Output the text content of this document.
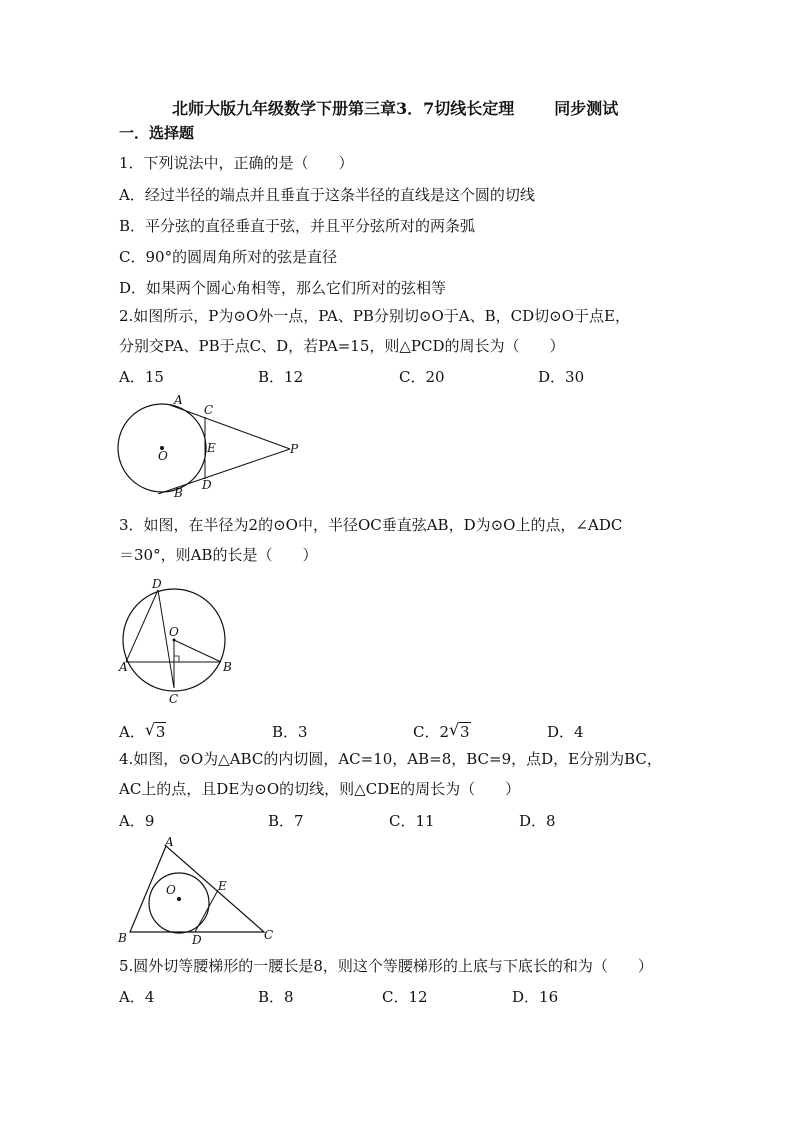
北师大版九年级数学下册第三章3．7切线长定理	同步测试
一．选择题
1．下列说法中，正确的是（　　）
A．经过半径的端点并且垂直于这条半径的直线是这个圆的切线
B．平分弦的直径垂直于弦，并且平分弦所对的两条弧
C．90°的圆周角所对的弦是直径
D．如果两个圆心角相等，那么它们所对的弦相等
2.如图所示，P为⊙O外一点，PA、PB分别切⊙O于A、B，CD切⊙O于点E，
分别交PA、PB于点C、D，若PA=15，则△PCD的周长为（　　）
A．15	B．12	C．20	D．30
A
C
E
O	P
D
B
3．如图，在半径为2的⊙O中，半径OC垂直弦AB，D为⊙O上的点，∠ADC
＝30°，则AB的长是（　　）
D
O
A	B
C
A． √ 3	B．3	C．2 √ 3	D．4
4.如图，⊙O为△ABC的内切圆，AC=10，AB=8，BC=9，点D，E分别为BC，
AC上的点，且DE为⊙O的切线，则△CDE的周长为（　　）
A．9	B．7	C．11	D．8
A
O	E
B	D	C
5.圆外切等腰梯形的一腰长是8，则这个等腰梯形的上底与下底长的和为（　　）
A．4	B．8	C．12	D．16
